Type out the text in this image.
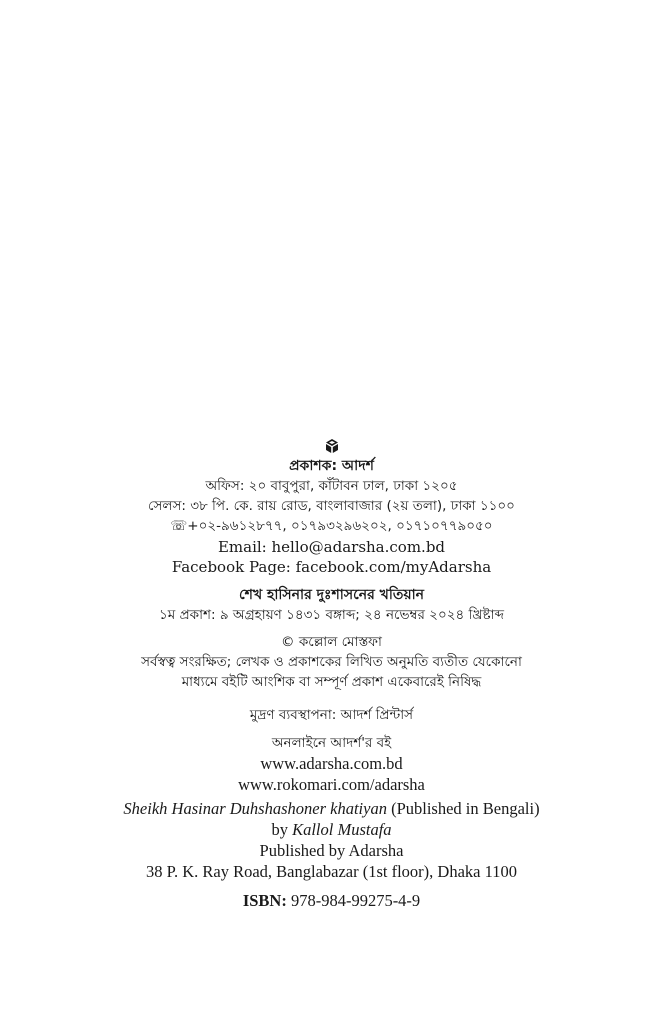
প্রকাশক: আদর্শ
অফিস: ২০ বাবুপুরা, কাঁটাবন ঢাল, ঢাকা ১২০৫
সেলস: ৩৮ পি. কে. রায় রোড, বাংলাবাজার (২য় তলা), ঢাকা ১১০০
☏+০২-৯৬১২৮৭৭, ০১৭৯৩২৯৬২০২, ০১৭১০৭৭৯০৫০
Email: hello@adarsha.com.bd
Facebook Page: facebook.com/myAdarsha
শেখ হাসিনার দুঃশাসনের খতিয়ান
১ম প্রকাশ: ৯ অগ্রহায়ণ ১৪৩১ বঙ্গাব্দ; ২৪ নভেম্বর ২০২৪ খ্রিষ্টাব্দ
© কল্লোল মোস্তফা
সর্বস্বত্ব সংরক্ষিত; লেখক ও প্রকাশকের লিখিত অনুমতি ব্যতীত যেকোনো
মাধ্যমে বইটি আংশিক বা সম্পূর্ণ প্রকাশ একেবারেই নিষিদ্ধ
মুদ্রণ ব্যবস্থাপনা: আদর্শ প্রিন্টার্স
অনলাইনে আদর্শ'র বই
www.adarsha.com.bd
www.rokomari.com/adarsha
Sheikh Hasinar Duhshashoner khatiyan (Published in Bengali)
by Kallol Mustafa
Published by Adarsha
38 P. K. Ray Road, Banglabazar (1st floor), Dhaka 1100
ISBN: 978-984-99275-4-9
